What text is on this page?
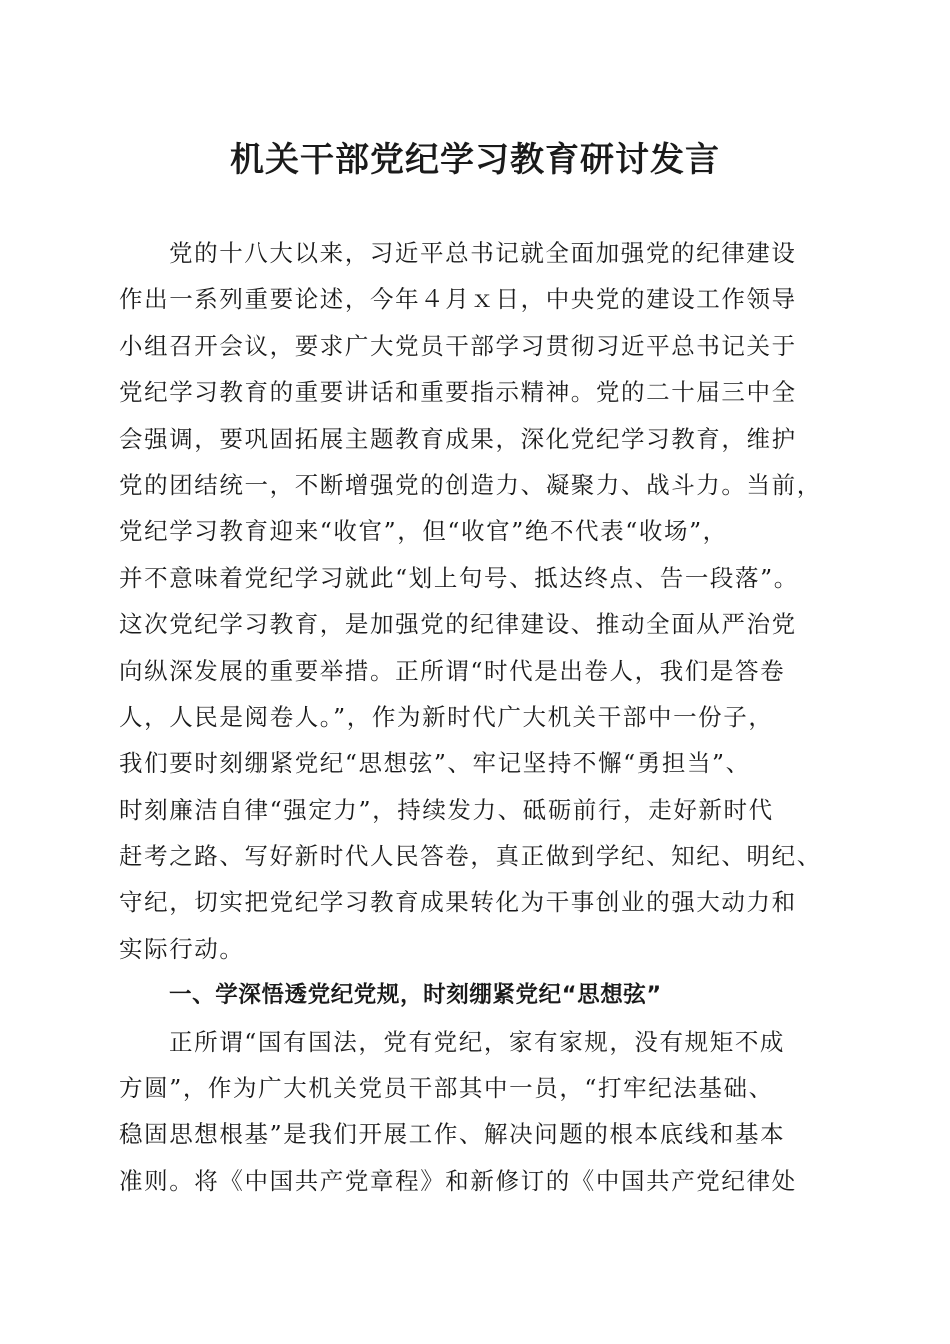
机关干部党纪学习教育研讨发言
党的十八大以来，习近平总书记就全面加强党的纪律建设
作出一系列重要论述，今年４月ｘ日，中央党的建设工作领导
小组召开会议，要求广大党员干部学习贯彻习近平总书记关于
党纪学习教育的重要讲话和重要指示精神。党的二十届三中全
会强调，要巩固拓展主题教育成果，深化党纪学习教育，维护
党的团结统一，不断增强党的创造力、凝聚力、战斗力。当前，
党纪学习教育迎来“收官”，但“收官”绝不代表“收场”，
并不意味着党纪学习就此“划上句号、抵达终点、告一段落”。
这次党纪学习教育，是加强党的纪律建设、推动全面从严治党
向纵深发展的重要举措。正所谓“时代是出卷人，我们是答卷
人，人民是阅卷人。”，作为新时代广大机关干部中一份子，
我们要时刻绷紧党纪“思想弦”、牢记坚持不懈“勇担当”、
时刻廉洁自律“强定力”，持续发力、砥砺前行，走好新时代
赶考之路、写好新时代人民答卷，真正做到学纪、知纪、明纪、
守纪，切实把党纪学习教育成果转化为干事创业的强大动力和
实际行动。
一、学深悟透党纪党规，时刻绷紧党纪“思想弦”
正所谓“国有国法，党有党纪，家有家规，没有规矩不成
方圆”，作为广大机关党员干部其中一员，“打牢纪法基础、
稳固思想根基”是我们开展工作、解决问题的根本底线和基本
准则。将《中国共产党章程》和新修订的《中国共产党纪律处
